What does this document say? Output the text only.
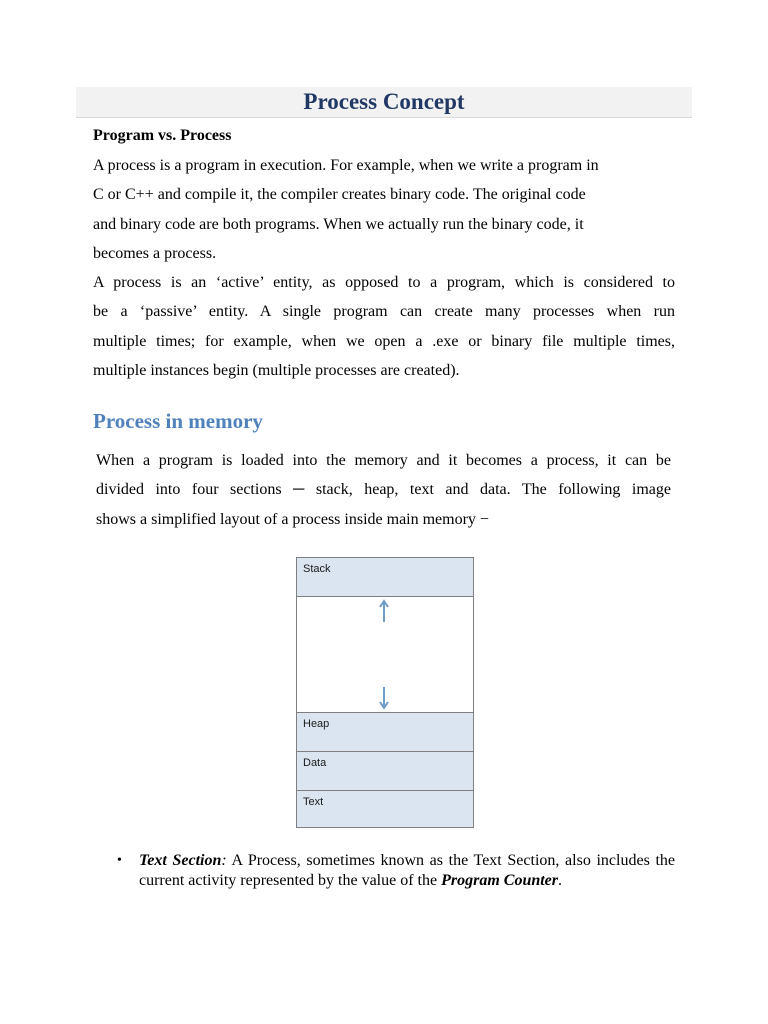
Process Concept
Program vs. Process
A process is a program in execution. For example, when we write a program in
C or C++ and compile it, the compiler creates binary code. The original code
and binary code are both programs. When we actually run the binary code, it
becomes a process.
A process is an ‘active’ entity, as opposed to a program, which is considered to
be a ‘passive’ entity. A single program can create many processes when run
multiple times; for example, when we open a .exe or binary file multiple times,
multiple instances begin (multiple processes are created).
Process in memory
When a program is loaded into the memory and it becomes a process, it can be
divided into four sections ─ stack, heap, text and data. The following image
shows a simplified layout of a process inside main memory −
Stack
Heap
Data
Text
• Text Section: A Process, sometimes known as the Text Section, also includes the current activity represented by the value of the Program Counter.
